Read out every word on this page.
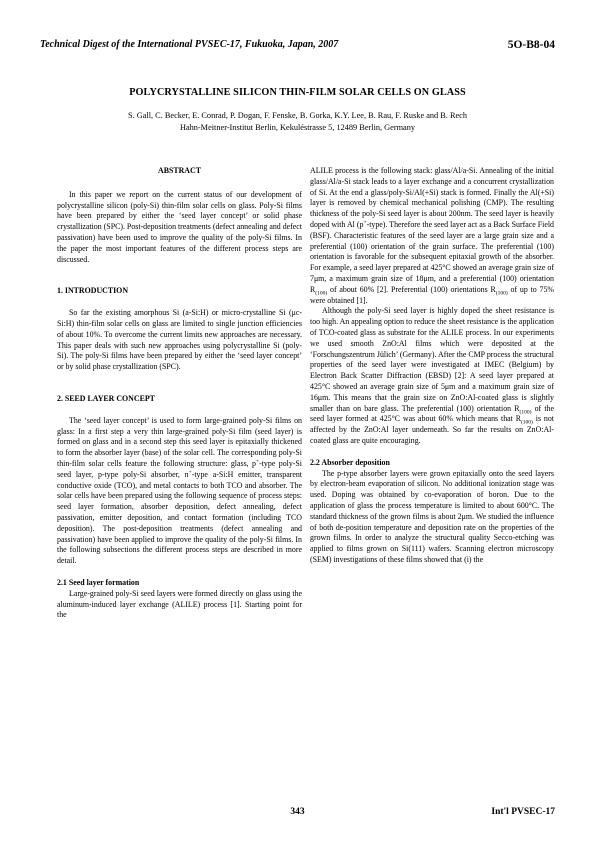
Technical Digest of the International PVSEC-17, Fukuoka, Japan, 2007	5O-B8-04
POLYCRYSTALLINE SILICON THIN-FILM SOLAR CELLS ON GLASS
S. Gall, C. Becker, E. Conrad, P. Dogan, F. Fenske, B. Gorka, K.Y. Lee, B. Rau, F. Ruske and B. Rech
Hahn-Meitner-Institut Berlin, Kekuléstrasse 5, 12489 Berlin, Germany
ABSTRACT

In this paper we report on the current status of our development of polycrystalline silicon (poly-Si) thin-film solar cells on glass. Poly-Si films have been prepared by either the ‘seed layer concept’ or solid phase crystallization (SPC). Post-deposition treatments (defect annealing and defect passivation) have been used to improve the quality of the poly-Si films. In the paper the most important features of the different process steps are discussed.

1. INTRODUCTION

So far the existing amorphous Si (a-Si:H) or micro-crystalline Si (μc-Si:H) thin-film solar cells on glass are limited to single junction efficiencies of about 10%. To overcome the current limits new approaches are necessary. This paper deals with such new approaches using polycrystalline Si (poly-Si). The poly-Si films have been prepared by either the ‘seed layer concept’ or by solid phase crystallization (SPC).

2. SEED LAYER CONCEPT

The ‘seed layer concept’ is used to form large-grained poly-Si films on glass: In a first step a very thin large-grained poly-Si film (seed layer) is formed on glass and in a second step this seed layer is epitaxially thickened to form the absorber layer (base) of the solar cell. The corresponding poly-Si thin-film solar cells feature the following structure: glass, p+-type poly-Si seed layer, p-type poly-Si absorber, n+-type a-Si:H emitter, transparent conductive oxide (TCO), and metal contacts to both TCO and absorber. The solar cells have been prepared using the following sequence of process steps: seed layer formation, absorber deposition, defect annealing, defect passivation, emitter deposition, and contact formation (including TCO deposition). The post-deposition treatments (defect annealing and passivation) have been applied to improve the quality of the poly-Si films. In the following subsections the different process steps are described in more detail.

2.1 Seed layer formation

Large-grained poly-Si seed layers were formed directly on glass using the aluminum-induced layer exchange (ALILE) process [1]. Starting point for the

ALILE process is the following stack: glass/Al/a-Si. Annealing of the initial glass/Al/a-Si stack leads to a layer exchange and a concurrent crystallization of Si. At the end a glass/poly-Si/Al(+Si) stack is formed. Finally the Al(+Si) layer is removed by chemical mechanical polishing (CMP). The resulting thickness of the poly-Si seed layer is about 200nm. The seed layer is heavily doped with Al (p+-type). Therefore the seed layer act as a Back Surface Field (BSF). Characteristic features of the seed layer are a large grain size and a preferential (100) orientation of the grain surface. The preferential (100) orientation is favorable for the subsequent epitaxial growth of the absorber. For example, a seed layer prepared at 425°C showed an average grain size of 7μm, a maximum grain size of 18μm, and a preferential (100) orientation $R_{(100)}$ of about 60% [2]. Preferential (100) orientations $R_{(100)}$ of up to 75% were obtained [1].

Although the poly-Si seed layer is highly doped the sheet resistance is too high. An appealing option to reduce the sheet resistance is the application of TCO-coated glass as substrate for the ALILE process. In our experiments we used smooth ZnO:Al films which were deposited at the ‘Forschungszentrum Jülich’ (Germany). After the CMP process the structural properties of the seed layer were investigated at IMEC (Belgium) by Electron Back Scatter Diffraction (EBSD) [2]: A seed layer prepared at 425°C showed an average grain size of 5μm and a maximum grain size of 16μm. This means that the grain size on ZnO:Al-coated glass is slightly smaller than on bare glass. The preferential (100) orientation $R_{(100)}$ of the seed layer formed at 425°C was about 60% which means that $R_{(100)}$ is not affected by the ZnO:Al layer underneath. So far the results on ZnO:Al-coated glass are quite encouraging.

2.2 Absorber deposition

The p-type absorber layers were grown epitaxially onto the seed layers by electron-beam evaporation of silicon. No additional ionization stage was used. Doping was obtained by co-evaporation of boron. Due to the application of glass the process temperature is limited to about 600°C. The standard thickness of the grown films is about 2μm. We studied the influence of both de-position temperature and deposition rate on the properties of the grown films. In order to analyze the structural quality Secco-etching was applied to films grown on Si(111) wafers. Scanning electron microscopy (SEM) investigations of these films showed that (i) the

343	Int'l PVSEC-17
